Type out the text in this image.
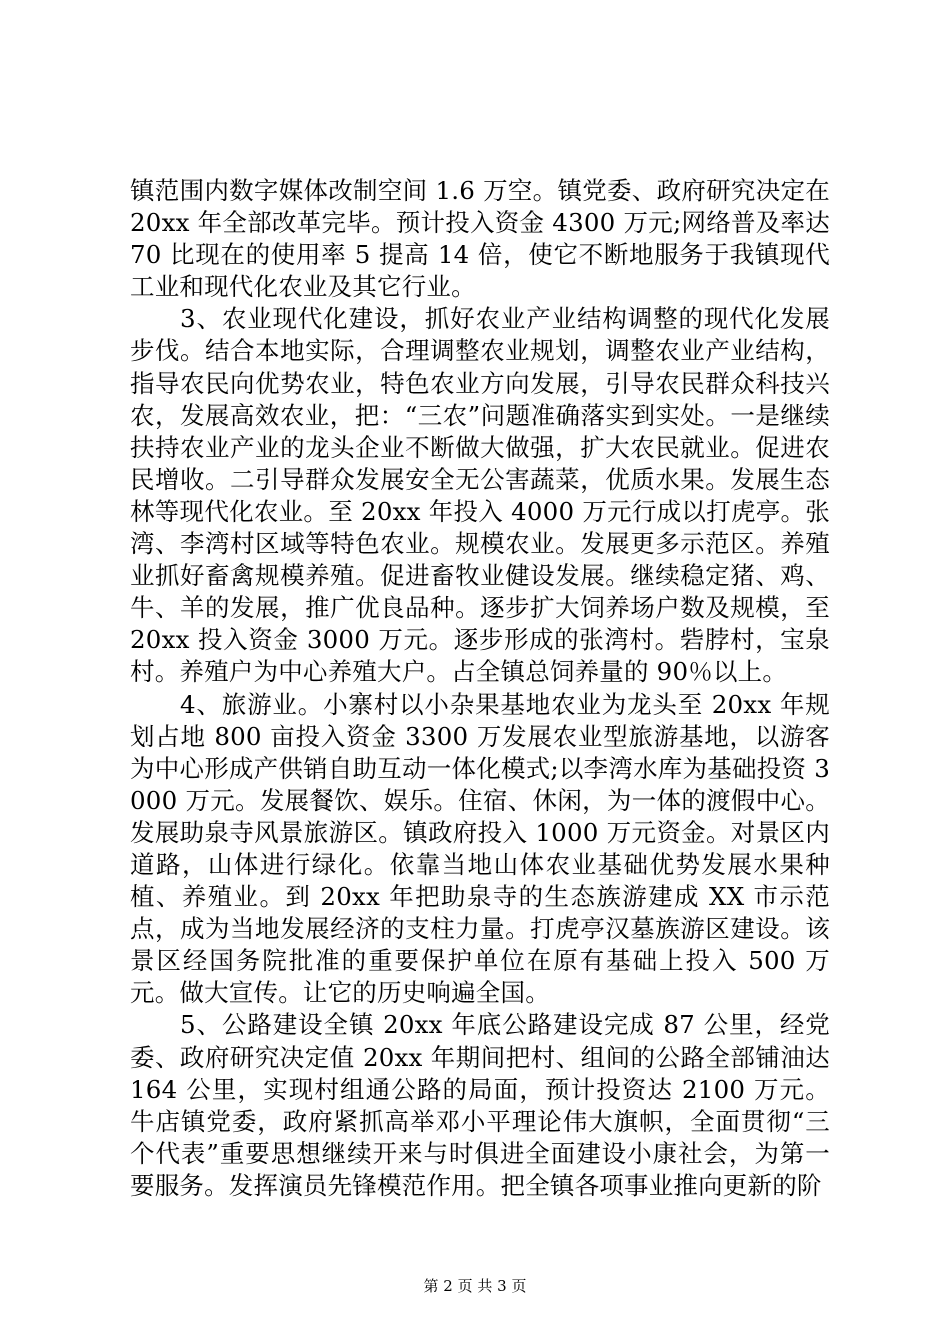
镇范围内数字媒体改制空间 1.6 万空。镇党委、政府研究决定在 20xx 年全部改革完毕。预计投入资金 4300 万元;网络普及率达 70 比现在的使用率 5 提高 14 倍，使它不断地服务于我镇现代工业和现代化农业及其它行业。

3、农业现代化建设，抓好农业产业结构调整的现代化发展步伐。结合本地实际，合理调整农业规划，调整农业产业结构，指导农民向优势农业，特色农业方向发展，引导农民群众科技兴农，发展高效农业，把：“三农”问题准确落实到实处。一是继续扶持农业产业的龙头企业不断做大做强，扩大农民就业。促进农民增收。二引导群众发展安全无公害蔬菜，优质水果。发展生态林等现代化农业。至 20xx 年投入 4000 万元行成以打虎亭。张湾、李湾村区域等特色农业。规模农业。发展更多示范区。养殖业抓好畜禽规模养殖。促进畜牧业健设发展。继续稳定猪、鸡、牛、羊的发展，推广优良品种。逐步扩大饲养场户数及规模，至 20xx 投入资金 3000 万元。逐步形成的张湾村。砦脖村，宝泉村。养殖户为中心养殖大户。占全镇总饲养量的 90％以上。

4、旅游业。小寨村以小杂果基地农业为龙头至 20xx 年规划占地 800 亩投入资金 3300 万发展农业型旅游基地，以游客为中心形成产供销自助互动一体化模式;以李湾水库为基础投资 3000 万元。发展餐饮、娱乐。住宿、休闲，为一体的渡假中心。发展助泉寺风景旅游区。镇政府投入 1000 万元资金。对景区内道路，山体进行绿化。依靠当地山体农业基础优势发展水果种植、养殖业。到 20xx 年把助泉寺的生态族游建成 XX 市示范点，成为当地发展经济的支柱力量。打虎亭汉墓族游区建设。该景区经国务院批准的重要保护单位在原有基础上投入 500 万元。做大宣传。让它的历史响遍全国。

5、公路建设全镇 20xx 年底公路建设完成 87 公里，经党委、政府研究决定值 20xx 年期间把村、组间的公路全部铺油达 164 公里，实现村组通公路的局面，预计投资达 2100 万元。牛店镇党委，政府紧抓高举邓小平理论伟大旗帜，全面贯彻“三个代表”重要思想继续开来与时俱进全面建设小康社会，为第一要服务。发挥演员先锋模范作用。把全镇各项事业推向更新的阶

第 2 页 共 3 页
